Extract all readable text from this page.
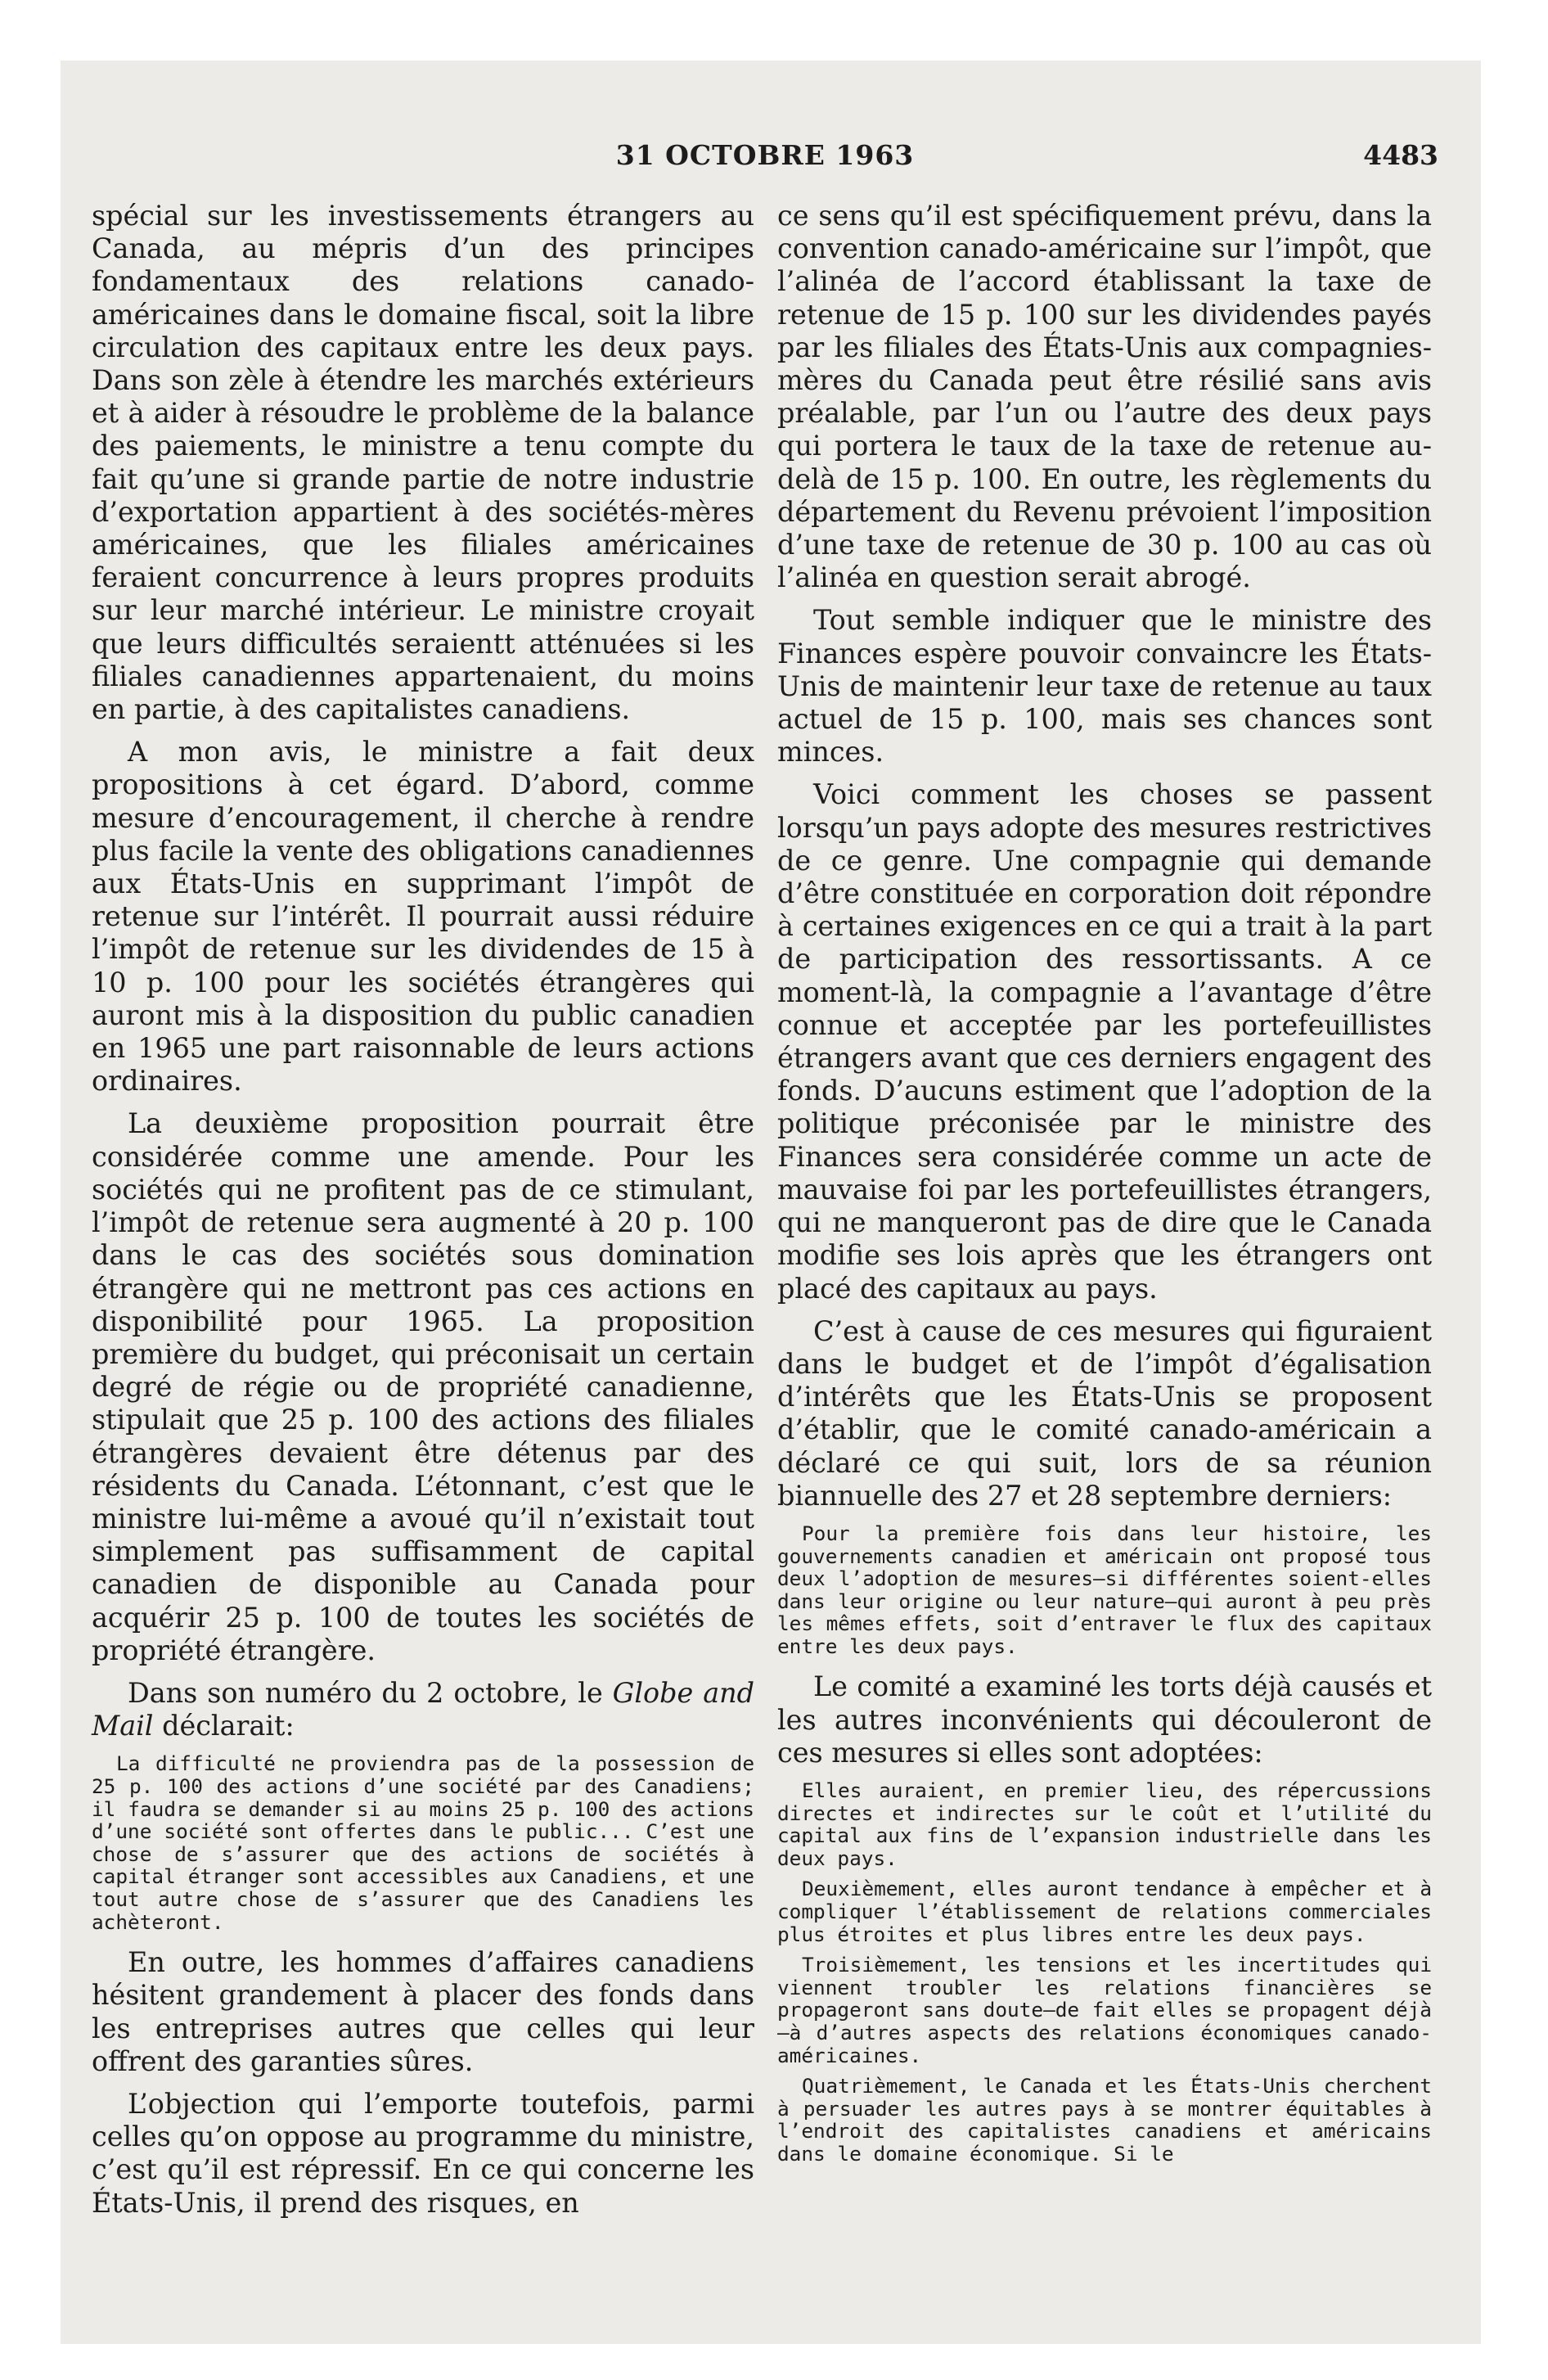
31 OCTOBRE 1963	4483

spécial sur les investissements étrangers au Canada, au mépris d’un des principes fondamentaux des relations canado-américaines dans le domaine fiscal, soit la libre circulation des capitaux entre les deux pays. Dans son zèle à étendre les marchés extérieurs et à aider à résoudre le problème de la balance des paiements, le ministre a tenu compte du fait qu’une si grande partie de notre industrie d’exportation appartient à des sociétés-mères américaines, que les filiales américaines feraient concurrence à leurs propres produits sur leur marché intérieur. Le ministre croyait que leurs difficultés seraientt atténuées si les filiales canadiennes appartenaient, du moins en partie, à des capitalistes canadiens.

A mon avis, le ministre a fait deux propositions à cet égard. D’abord, comme mesure d’encouragement, il cherche à rendre plus facile la vente des obligations canadiennes aux États-Unis en supprimant l’impôt de retenue sur l’intérêt. Il pourrait aussi réduire l’impôt de retenue sur les dividendes de 15 à 10 p. 100 pour les sociétés étrangères qui auront mis à la disposition du public canadien en 1965 une part raisonnable de leurs actions ordinaires.

La deuxième proposition pourrait être considérée comme une amende. Pour les sociétés qui ne profitent pas de ce stimulant, l’impôt de retenue sera augmenté à 20 p. 100 dans le cas des sociétés sous domination étrangère qui ne mettront pas ces actions en disponibilité pour 1965. La proposition première du budget, qui préconisait un certain degré de régie ou de propriété canadienne, stipulait que 25 p. 100 des actions des filiales étrangères devaient être détenus par des résidents du Canada. L’étonnant, c’est que le ministre lui-même a avoué qu’il n’existait tout simplement pas suffisamment de capital canadien de disponible au Canada pour acquérir 25 p. 100 de toutes les sociétés de propriété étrangère.

Dans son numéro du 2 octobre, le Globe and Mail déclarait:

La difficulté ne proviendra pas de la possession de 25 p. 100 des actions d’une société par des Canadiens; il faudra se demander si au moins 25 p. 100 des actions d’une société sont offertes dans le public... C’est une chose de s’assurer que des actions de sociétés à capital étranger sont accessibles aux Canadiens, et une tout autre chose de s’assurer que des Canadiens les achèteront.

En outre, les hommes d’affaires canadiens hésitent grandement à placer des fonds dans les entreprises autres que celles qui leur offrent des garanties sûres.

L’objection qui l’emporte toutefois, parmi celles qu’on oppose au programme du ministre, c’est qu’il est répressif. En ce qui concerne les États-Unis, il prend des risques, en

ce sens qu’il est spécifiquement prévu, dans la convention canado-américaine sur l’impôt, que l’alinéa de l’accord établissant la taxe de retenue de 15 p. 100 sur les dividendes payés par les filiales des États-Unis aux compagnies-mères du Canada peut être résilié sans avis préalable, par l’un ou l’autre des deux pays qui portera le taux de la taxe de retenue au-delà de 15 p. 100. En outre, les règlements du département du Revenu prévoient l’imposition d’une taxe de retenue de 30 p. 100 au cas où l’alinéa en question serait abrogé.

Tout semble indiquer que le ministre des Finances espère pouvoir convaincre les États-Unis de maintenir leur taxe de retenue au taux actuel de 15 p. 100, mais ses chances sont minces.

Voici comment les choses se passent lorsqu’un pays adopte des mesures restrictives de ce genre. Une compagnie qui demande d’être constituée en corporation doit répondre à certaines exigences en ce qui a trait à la part de participation des ressortissants. A ce moment-là, la compagnie a l’avantage d’être connue et acceptée par les portefeuillistes étrangers avant que ces derniers engagent des fonds. D’aucuns estiment que l’adoption de la politique préconisée par le ministre des Finances sera considérée comme un acte de mauvaise foi par les portefeuillistes étrangers, qui ne manqueront pas de dire que le Canada modifie ses lois après que les étrangers ont placé des capitaux au pays.

C’est à cause de ces mesures qui figuraient dans le budget et de l’impôt d’égalisation d’intérêts que les États-Unis se proposent d’établir, que le comité canado-américain a déclaré ce qui suit, lors de sa réunion biannuelle des 27 et 28 septembre derniers:

Pour la première fois dans leur histoire, les gouvernements canadien et américain ont proposé tous deux l’adoption de mesures—si différentes soient-elles dans leur origine ou leur nature—qui auront à peu près les mêmes effets, soit d’entraver le flux des capitaux entre les deux pays.

Le comité a examiné les torts déjà causés et les autres inconvénients qui découleront de ces mesures si elles sont adoptées:

Elles auraient, en premier lieu, des répercussions directes et indirectes sur le coût et l’utilité du capital aux fins de l’expansion industrielle dans les deux pays.

Deuxièmement, elles auront tendance à empêcher et à compliquer l’établissement de relations commerciales plus étroites et plus libres entre les deux pays.

Troisièmement, les tensions et les incertitudes qui viennent troubler les relations financières se propageront sans doute—de fait elles se propagent déjà—à d’autres aspects des relations économiques canado-américaines.

Quatrièmement, le Canada et les États-Unis cherchent à persuader les autres pays à se montrer équitables à l’endroit des capitalistes canadiens et américains dans le domaine économique. Si le
